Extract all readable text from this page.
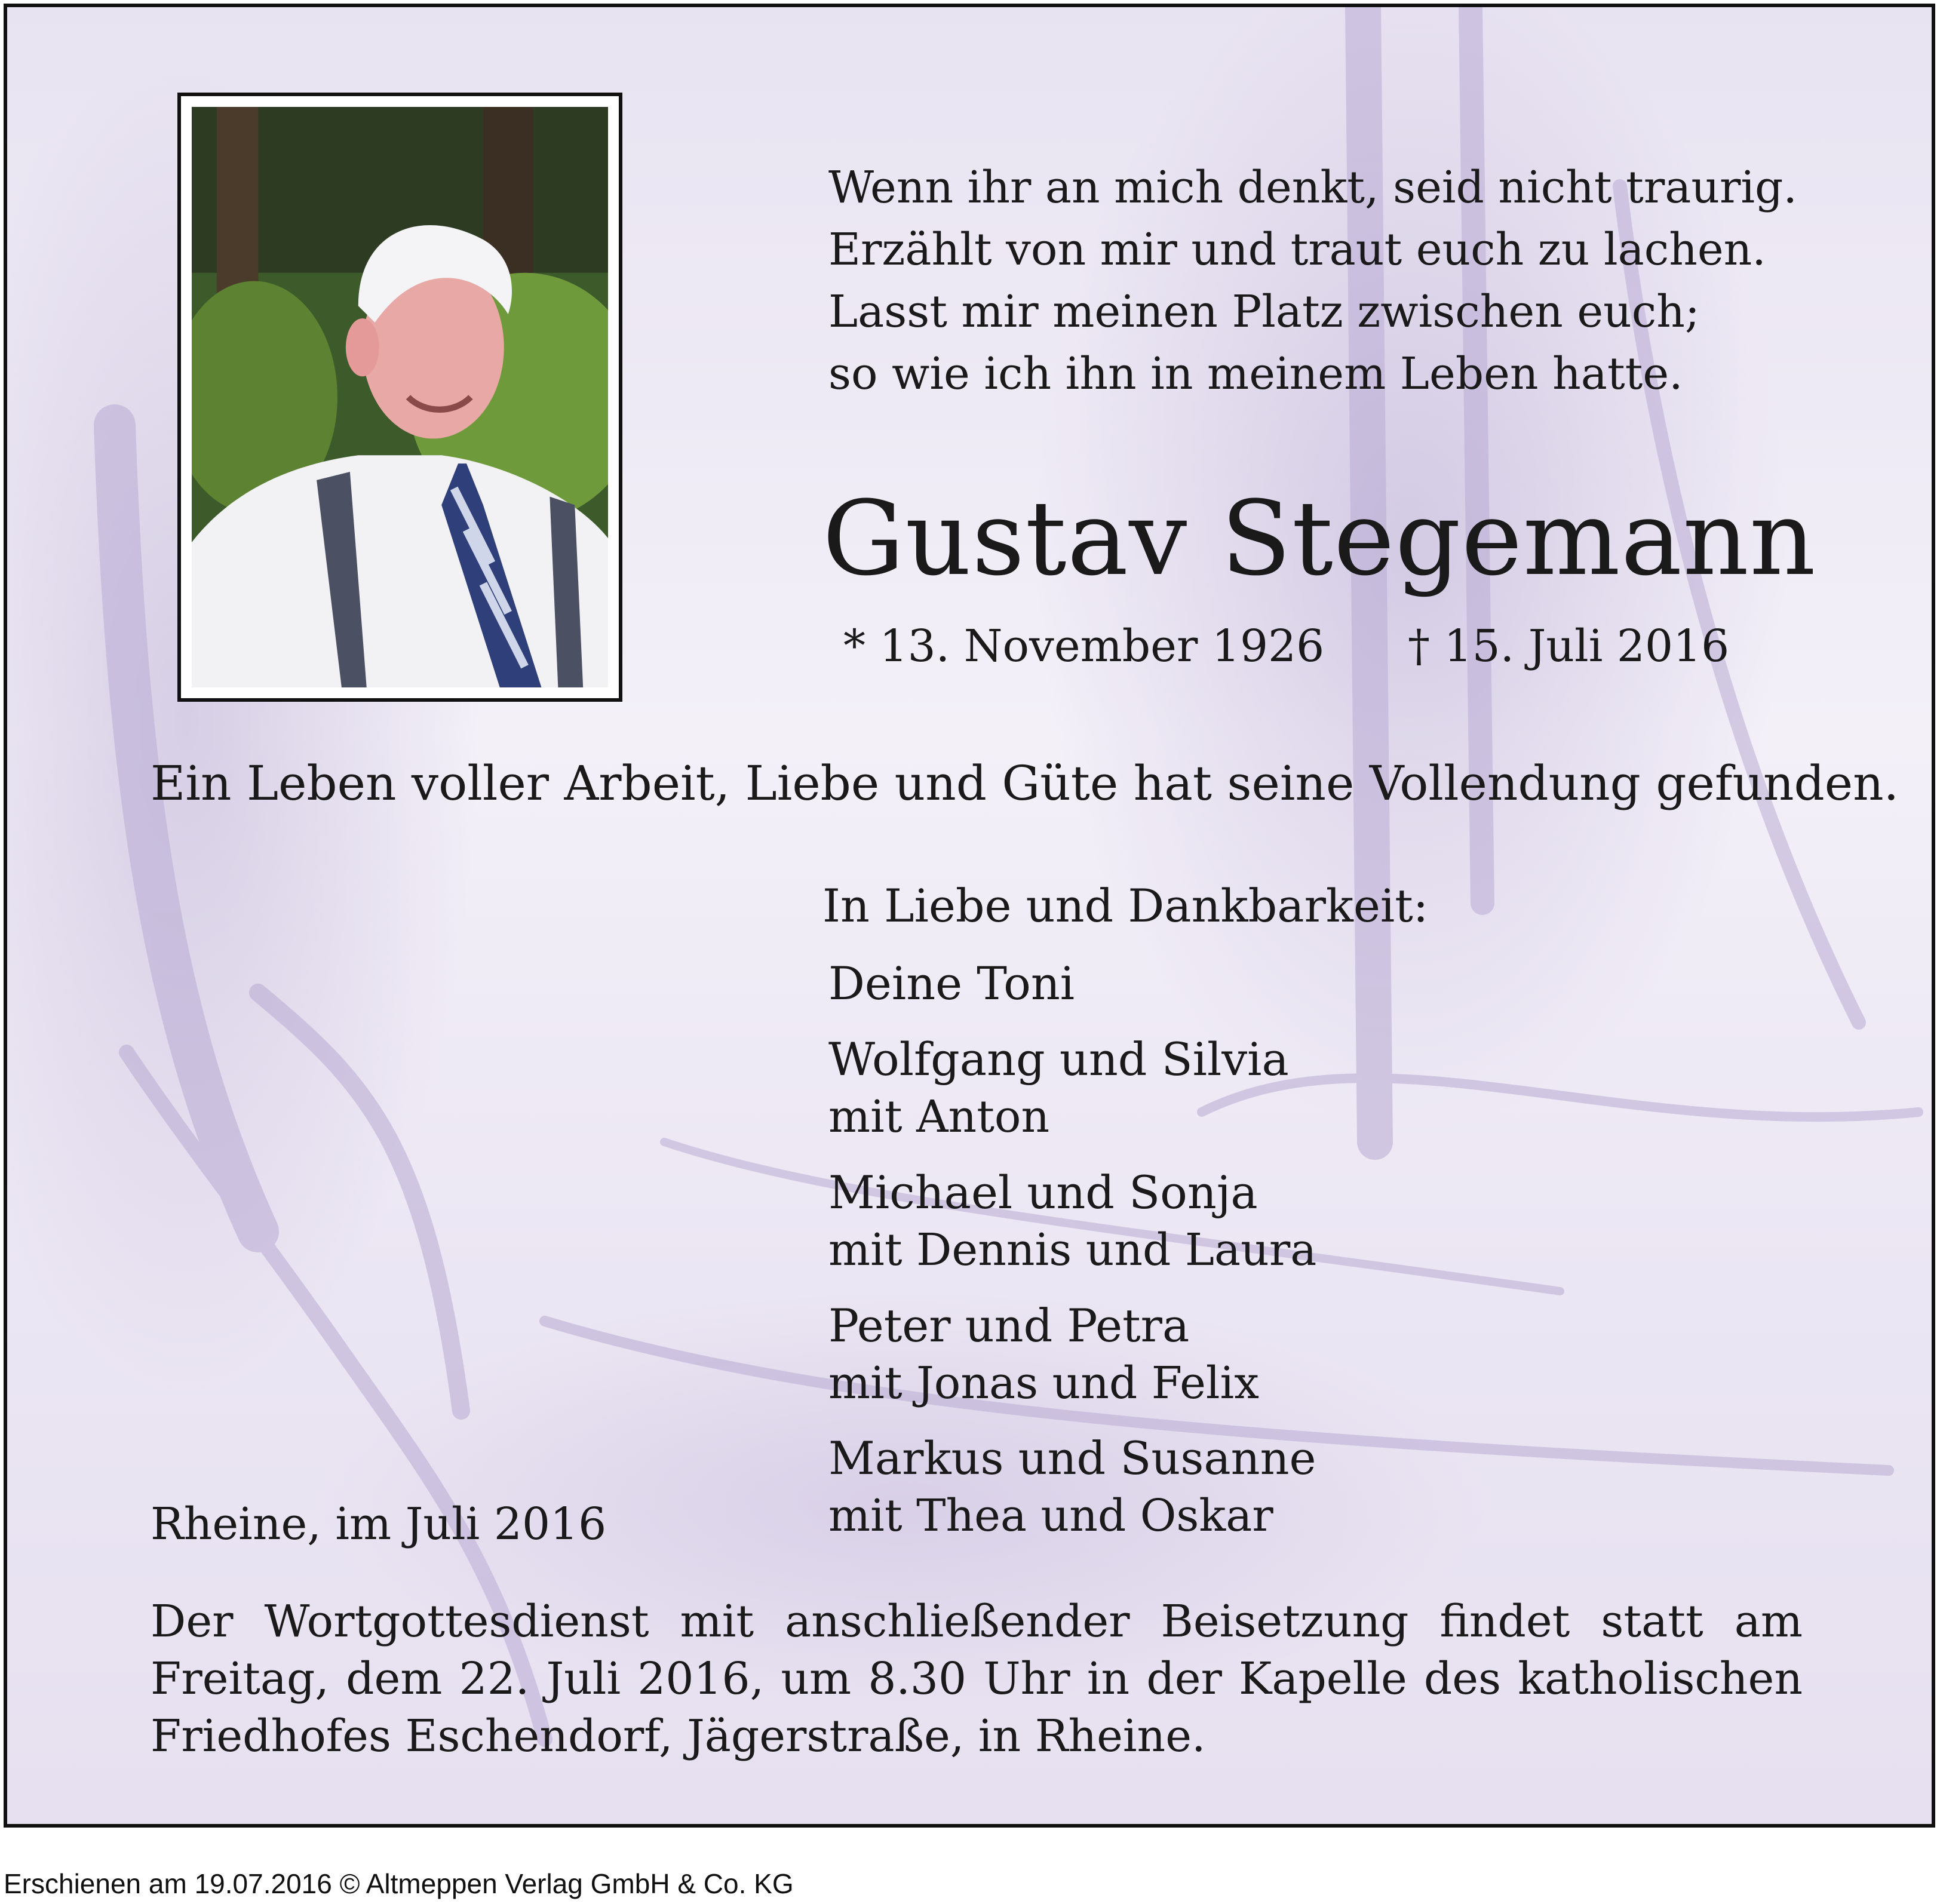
Wenn ihr an mich denkt, seid nicht traurig.
Erzählt von mir und traut euch zu lachen.
Lasst mir meinen Platz zwischen euch;
so wie ich ihn in meinem Leben hatte.
Gustav Stegemann
* 13. November 1926 † 15. Juli 2016
Ein Leben voller Arbeit, Liebe und Güte hat seine Vollendung gefunden.
In Liebe und Dankbarkeit:
Deine Toni
Wolfgang und Silvia
mit Anton
Michael und Sonja
mit Dennis und Laura
Peter und Petra
mit Jonas und Felix
Markus und Susanne
mit Thea und Oskar
Rheine, im Juli 2016
Der Wortgottesdienst mit anschließender Beisetzung findet statt am Freitag, dem 22. Juli 2016, um 8.30 Uhr in der Kapelle des katholischen Friedhofes Eschendorf, Jägerstraße, in Rheine.
Erschienen am 19.07.2016 © Altmeppen Verlag GmbH & Co. KG
